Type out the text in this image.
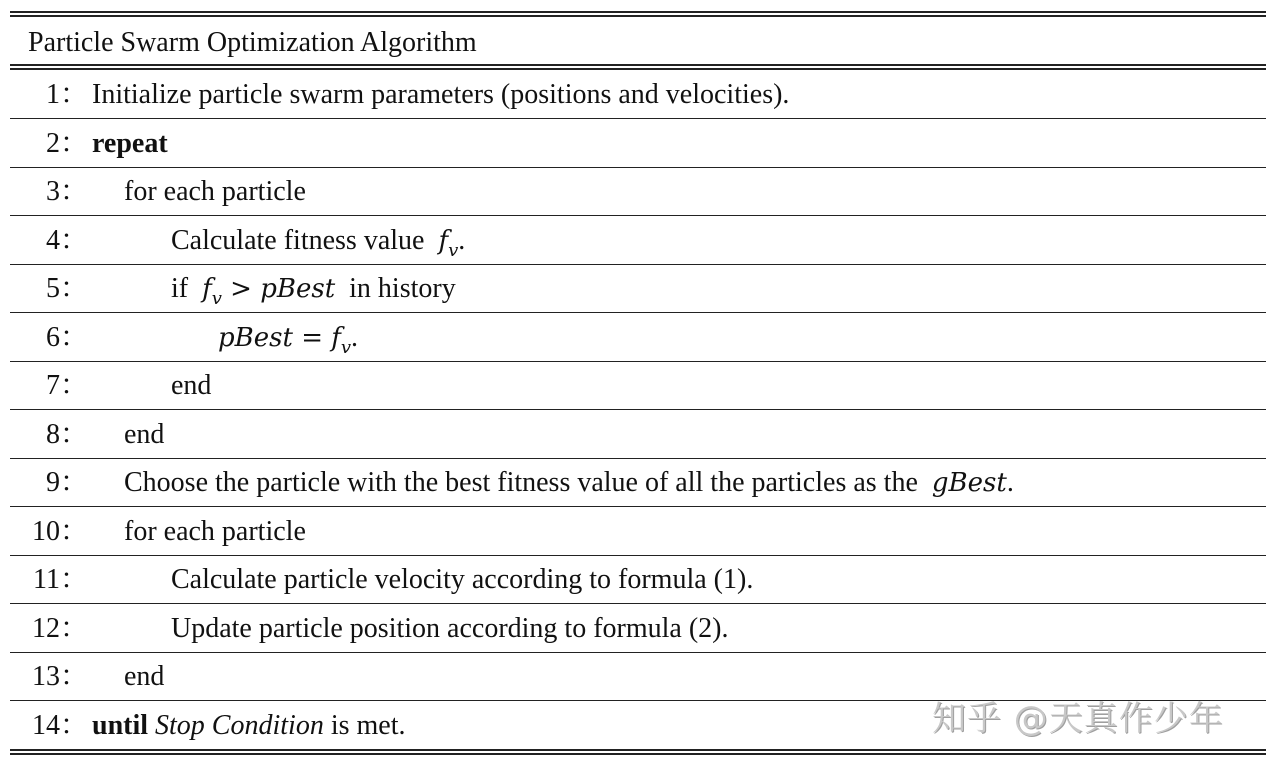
Particle Swarm Optimization Algorithm
1 ： Initialize particle swarm parameters (positions and velocities).
2 ： repeat
3 ： for each particle
4 ：	Calculate fitness value  $f_v$.
5 ：	if  $f_v$ > pBest  in history
6 ：	pBest = $f_v$.
7 ：	end
8 ： end
9 ： Choose the particle with the best fitness value of all the particles as the  gBest.
10 ： for each particle
11 ：	Calculate particle velocity according to formula (1).
12 ：	Update particle position according to formula (2).
13 ： end
14 ： until Stop Condition is met.	知乎 @天真作少年
